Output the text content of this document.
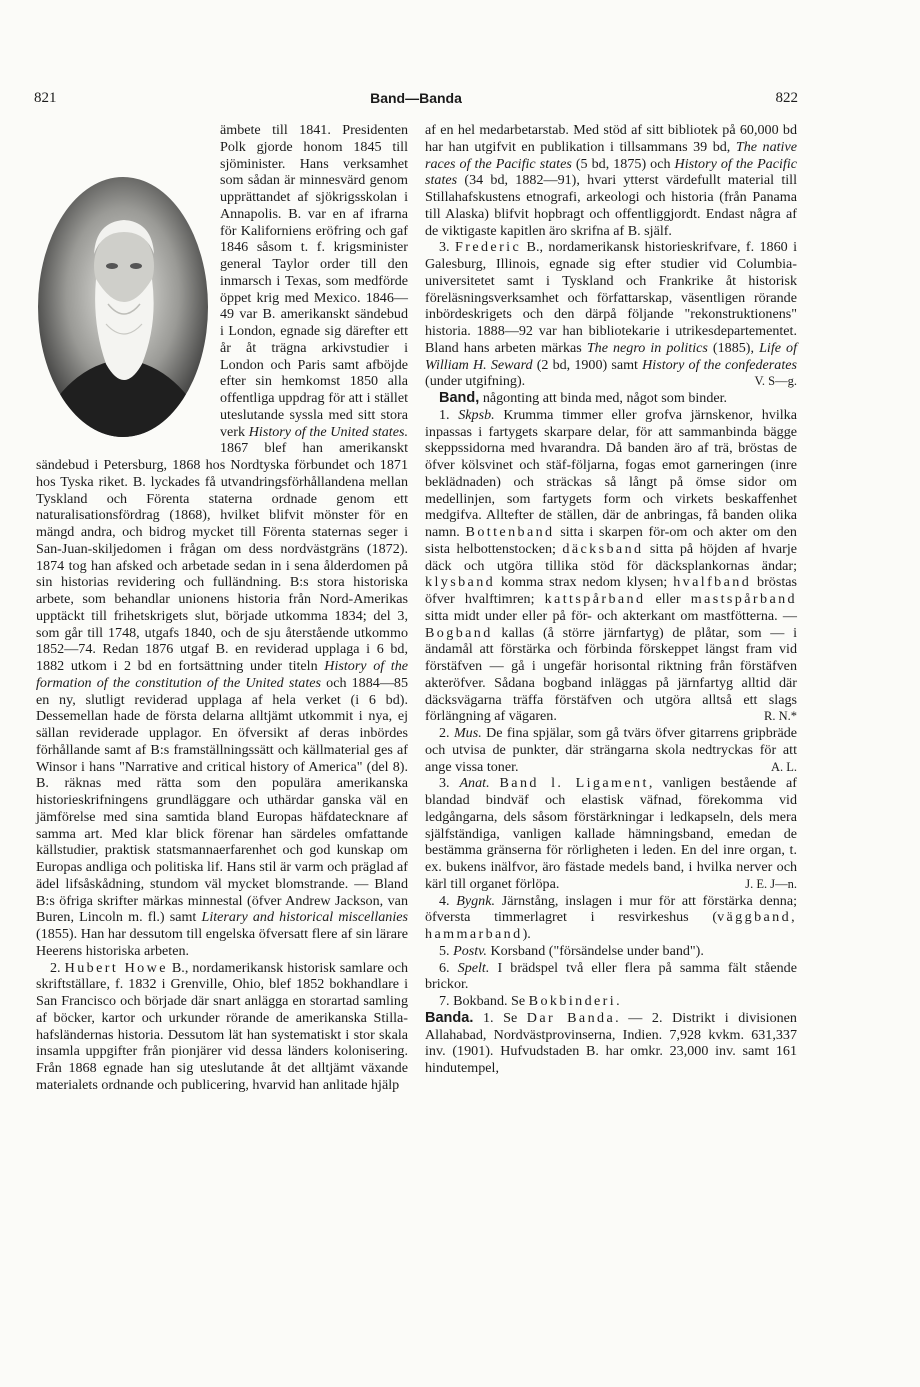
821	Band—Banda	822

ämbete till 1841. Presidenten Polk gjorde honom 1845 till sjöminister. Hans verksamhet som sådan är minnesvärd genom upprättandet af sjökrigsskolan i Annapolis. B. var en af ifrarna för Kaliforniens eröfring och gaf 1846 såsom t. f. krigsminister general Taylor order till den inmarsch i Texas, som medförde öppet krig med Mexico. 1846—49 var B. amerikanskt sändebud i London, egnade sig därefter ett år åt trägna arkivstudier i London och Paris samt afböjde efter sin hemkomst 1850 alla offentliga uppdrag för att i stället uteslutande syssla med sitt stora verk History of the United states. 1867 blef han amerikanskt sändebud i Petersburg, 1868 hos Nordtyska förbundet och 1871 hos Tyska riket. B. lyckades få utvandringsförhållandena mellan Tyskland och Förenta staterna ordnade genom ett naturalisationsfördrag (1868), hvilket blifvit mönster för en mängd andra, och bidrog mycket till Förenta staternas seger i San-Juan-skiljedomen i frågan om dess nordvästgräns (1872). 1874 tog han afsked och arbetade sedan in i sena ålderdomen på sin historias revidering och fulländning. B:s stora historiska arbete, som behandlar unionens historia från Nord-Amerikas upptäckt till frihetskrigets slut, började utkomma 1834; del 3, som går till 1748, utgafs 1840, och de sju återstående utkommo 1852—74. Redan 1876 utgaf B. en reviderad upplaga i 6 bd, 1882 utkom i 2 bd en fortsättning under titeln History of the formation of the constitution of the United states och 1884—85 en ny, slutligt reviderad upplaga af hela verket (i 6 bd). Dessemellan hade de första delarna alltjämt utkommit i nya, ej sällan reviderade upplagor. En öfversikt af deras inbördes förhållande samt af B:s framställningssätt och källmaterial ges af Winsor i hans "Narrative and critical history of America" (del 8). B. räknas med rätta som den populära amerikanska historieskrifningens grundläggare och uthärdar ganska väl en jämförelse med sina samtida bland Europas häfdatecknare af samma art. Med klar blick förenar han särdeles omfattande källstudier, praktisk statsmannaerfarenhet och god kunskap om Europas andliga och politiska lif. Hans stil är varm och präglad af ädel lifsåskådning, stundom väl mycket blomstrande. — Bland B:s öfriga skrifter märkas minnestal (öfver Andrew Jackson, van Buren, Lincoln m. fl.) samt Literary and historical miscellanies (1855). Han har dessutom till engelska öfversatt flere af sin lärare Heerens historiska arbeten.

2. Hubert Howe B., nordamerikansk historisk samlare och skriftställare, f. 1832 i Grenville, Ohio, blef 1852 bokhandlare i San Francisco och började där snart anlägga en storartad samling af böcker, kartor och urkunder rörande de amerikanska Stilla-hafsländernas historia. Dessutom lät han systematiskt i stor skala insamla uppgifter från pionjärer vid dessa länders kolonisering. Från 1868 egnade han sig uteslutande åt det alltjämt växande materialets ordnande och publicering, hvarvid han anlitade hjälp

af en hel medarbetarstab. Med stöd af sitt bibliotek på 60,000 bd har han utgifvit en publikation i tillsammans 39 bd, The native races of the Pacific states (5 bd, 1875) och History of the Pacific states (34 bd, 1882—91), hvari ytterst värdefullt material till Stillahafskustens etnografi, arkeologi och historia (från Panama till Alaska) blifvit hopbragt och offentliggjordt. Endast några af de viktigaste kapitlen äro skrifna af B. själf.

3. Frederic B., nordamerikansk historieskrifvare, f. 1860 i Galesburg, Illinois, egnade sig efter studier vid Columbia-universitetet samt i Tyskland och Frankrike åt historisk föreläsningsverksamhet och författarskap, väsentligen rörande inbördeskrigets och den därpå följande "rekonstruktionens" historia. 1888—92 var han bibliotekarie i utrikesdepartementet. Bland hans arbeten märkas The negro in politics (1885), Life of William H. Seward (2 bd, 1900) samt History of the confederates (under utgifning).	V. S—g.

Band, någonting att binda med, något som binder.

1. Skpsb. Krumma timmer eller grofva järnskenor, hvilka inpassas i fartygets skarpare delar, för att sammanbinda bägge skeppssidorna med hvarandra. Då banden äro af trä, bröstas de öfver kölsvinet och stäf-följarna, fogas emot garneringen (inre beklädnaden) och sträckas så långt på ömse sidor om medellinjen, som fartygets form och virkets beskaffenhet medgifva. Alltefter de ställen, där de anbringas, få banden olika namn. Bottenband sitta i skarpen för-om och akter om den sista helbottenstocken; däcksband sitta på höjden af hvarje däck och utgöra tillika stöd för däcksplankornas ändar; klysband komma strax nedom klysen; hvalfband bröstas öfver hvalftimren; kattspårband eller mastspårband sitta midt under eller på för- och akterkant om mastfötterna. — Bogband kallas (å större järnfartyg) de plåtar, som — i ändamål att förstärka och förbinda förskeppet längst fram vid förstäfven — gå i ungefär horisontal riktning från förstäfven akteröfver. Sådana bogband inläggas på järnfartyg alltid där däcksvägarna träffa förstäfven och utgöra alltså ett slags förlängning af vägaren.	R. N.*

2. Mus. De fina spjälar, som gå tvärs öfver gitarrens gripbräde och utvisa de punkter, där strängarna skola nedtryckas för att ange vissa toner.	A. L.

3. Anat. Band l. Ligament, vanligen bestående af blandad bindväf och elastisk väfnad, förekomma vid ledgångarna, dels såsom förstärkningar i ledkapseln, dels mera själfständiga, vanligen kallade hämningsband, emedan de bestämma gränserna för rörligheten i leden. En del inre organ, t. ex. bukens inälfvor, äro fästade medels band, i hvilka nerver och kärl till organet förlöpa.	J. E. J—n.

4. Bygnk. Järnstång, inslagen i mur för att förstärka denna; öfversta timmerlagret i resvirkeshus (väggband, hammarband).

5. Postv. Korsband ("försändelse under band").

6. Spelt. I brädspel två eller flera på samma fält stående brickor.

7. Bokband. Se Bokbinderi.

Banda. 1. Se Dar Banda. — 2. Distrikt i divisionen Allahabad, Nordvästprovinserna, Indien. 7,928 kvkm. 631,337 inv. (1901). Hufvudstaden B. har omkr. 23,000 inv. samt 161 hindutempel,
